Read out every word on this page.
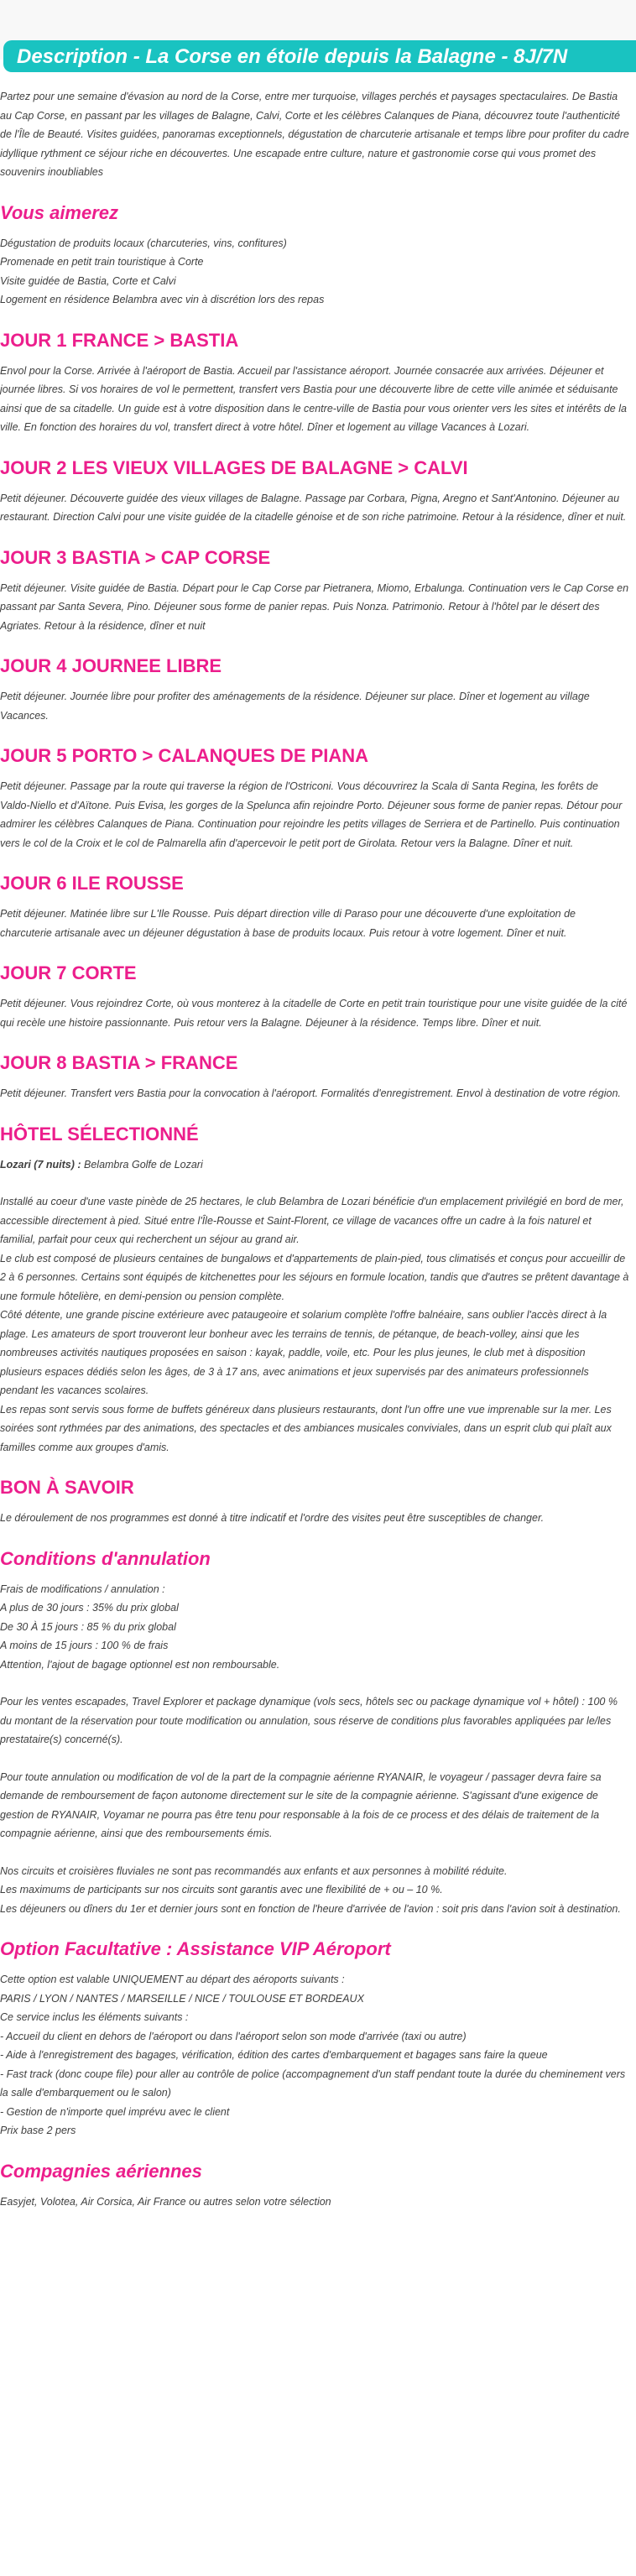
Description - La Corse en étoile depuis la Balagne - 8J/7N

Partez pour une semaine d'évasion au nord de la Corse, entre mer turquoise, villages perchés et paysages spectaculaires. De Bastia au Cap Corse, en passant par les villages de Balagne, Calvi, Corte et les célèbres Calanques de Piana, découvrez toute l'authenticité de l'Île de Beauté. Visites guidées, panoramas exceptionnels, dégustation de charcuterie artisanale et temps libre pour profiter du cadre idyllique rythment ce séjour riche en découvertes. Une escapade entre culture, nature et gastronomie corse qui vous promet des souvenirs inoubliables

Vous aimerez

Dégustation de produits locaux (charcuteries, vins, confitures)

Promenade en petit train touristique à Corte

Visite guidée de Bastia, Corte et Calvi

Logement en résidence Belambra avec vin à discrétion lors des repas

JOUR 1 FRANCE > BASTIA

Envol pour la Corse. Arrivée à l'aéroport de Bastia. Accueil par l'assistance aéroport. Journée consacrée aux arrivées. Déjeuner et journée libres. Si vos horaires de vol le permettent, transfert vers Bastia pour une découverte libre de cette ville animée et séduisante ainsi que de sa citadelle. Un guide est à votre disposition dans le centre-ville de Bastia pour vous orienter vers les sites et intérêts de la ville. En fonction des horaires du vol, transfert direct à votre hôtel. Dîner et logement au village Vacances à Lozari.

JOUR 2 LES VIEUX VILLAGES DE BALAGNE > CALVI

Petit déjeuner. Découverte guidée des vieux villages de Balagne. Passage par Corbara, Pigna, Aregno et Sant'Antonino. Déjeuner au restaurant. Direction Calvi pour une visite guidée de la citadelle génoise et de son riche patrimoine. Retour à la résidence, dîner et nuit.

JOUR 3 BASTIA > CAP CORSE

Petit déjeuner. Visite guidée de Bastia. Départ pour le Cap Corse par Pietranera, Miomo, Erbalunga. Continuation vers le Cap Corse en passant par Santa Severa, Pino. Déjeuner sous forme de panier repas. Puis Nonza. Patrimonio. Retour à l'hôtel par le désert des Agriates. Retour à la résidence, dîner et nuit

JOUR 4 JOURNEE LIBRE

Petit déjeuner. Journée libre pour profiter des aménagements de la résidence. Déjeuner sur place. Dîner et logement au village Vacances.

JOUR 5 PORTO > CALANQUES DE PIANA

Petit déjeuner. Passage par la route qui traverse la région de l'Ostriconi. Vous découvrirez la Scala di Santa Regina, les forêts de Valdo-Niello et d'Aïtone. Puis Evisa, les gorges de la Spelunca afin rejoindre Porto. Déjeuner sous forme de panier repas. Détour pour admirer les célèbres Calanques de Piana. Continuation pour rejoindre les petits villages de Serriera et de Partinello. Puis continuation vers le col de la Croix et le col de Palmarella afin d'apercevoir le petit port de Girolata. Retour vers la Balagne. Dîner et nuit.

JOUR 6 ILE ROUSSE

Petit déjeuner. Matinée libre sur L'Ile Rousse. Puis départ direction ville di Paraso pour une découverte d'une exploitation de charcuterie artisanale avec un déjeuner dégustation à base de produits locaux. Puis retour à votre logement. Dîner et nuit.

JOUR 7 CORTE

Petit déjeuner. Vous rejoindrez Corte, où vous monterez à la citadelle de Corte en petit train touristique pour une visite guidée de la cité qui recèle une histoire passionnante. Puis retour vers la Balagne. Déjeuner à la résidence. Temps libre. Dîner et nuit.

JOUR 8 BASTIA > FRANCE

Petit déjeuner. Transfert vers Bastia pour la convocation à l'aéroport. Formalités d'enregistrement. Envol à destination de votre région.

HÔTEL SÉLECTIONNÉ

Lozari (7 nuits) : Belambra Golfe de Lozari

Installé au coeur d'une vaste pinède de 25 hectares, le club Belambra de Lozari bénéficie d'un emplacement privilégié en bord de mer, accessible directement à pied. Situé entre l'Île-Rousse et Saint-Florent, ce village de vacances offre un cadre à la fois naturel et familial, parfait pour ceux qui recherchent un séjour au grand air.

Le club est composé de plusieurs centaines de bungalows et d'appartements de plain-pied, tous climatisés et conçus pour accueillir de 2 à 6 personnes. Certains sont équipés de kitchenettes pour les séjours en formule location, tandis que d'autres se prêtent davantage à une formule hôtelière, en demi-pension ou pension complète.

Côté détente, une grande piscine extérieure avec pataugeoire et solarium complète l'offre balnéaire, sans oublier l'accès direct à la plage. Les amateurs de sport trouveront leur bonheur avec les terrains de tennis, de pétanque, de beach-volley, ainsi que les nombreuses activités nautiques proposées en saison : kayak, paddle, voile, etc. Pour les plus jeunes, le club met à disposition plusieurs espaces dédiés selon les âges, de 3 à 17 ans, avec animations et jeux supervisés par des animateurs professionnels pendant les vacances scolaires.

Les repas sont servis sous forme de buffets généreux dans plusieurs restaurants, dont l'un offre une vue imprenable sur la mer. Les soirées sont rythmées par des animations, des spectacles et des ambiances musicales conviviales, dans un esprit club qui plaît aux familles comme aux groupes d'amis.

BON À SAVOIR

Le déroulement de nos programmes est donné à titre indicatif et l'ordre des visites peut être susceptibles de changer.

Conditions d'annulation

Frais de modifications / annulation :

A plus de 30 jours : 35% du prix global

De 30 À 15 jours : 85 % du prix global

A moins de 15 jours : 100 % de frais

Attention, l'ajout de bagage optionnel est non remboursable.

Pour les ventes escapades, Travel Explorer et package dynamique (vols secs, hôtels sec ou package dynamique vol + hôtel) : 100 % du montant de la réservation pour toute modification ou annulation, sous réserve de conditions plus favorables appliquées par le/les prestataire(s) concerné(s).

Pour toute annulation ou modification de vol de la part de la compagnie aérienne RYANAIR, le voyageur / passager devra faire sa demande de remboursement de façon autonome directement sur le site de la compagnie aérienne. S'agissant d'une exigence de gestion de RYANAIR, Voyamar ne pourra pas être tenu pour responsable à la fois de ce process et des délais de traitement de la compagnie aérienne, ainsi que des remboursements émis.

Nos circuits et croisières fluviales ne sont pas recommandés aux enfants et aux personnes à mobilité réduite.

Les maximums de participants sur nos circuits sont garantis avec une flexibilité de + ou – 10 %.

Les déjeuners ou dîners du 1er et dernier jours sont en fonction de l'heure d'arrivée de l'avion : soit pris dans l'avion soit à destination.

Option Facultative : Assistance VIP Aéroport

Cette option est valable UNIQUEMENT au départ des aéroports suivants :

PARIS / LYON / NANTES / MARSEILLE / NICE / TOULOUSE ET BORDEAUX

Ce service inclus les éléments suivants :

- Accueil du client en dehors de l'aéroport ou dans l'aéroport selon son mode d'arrivée (taxi ou autre)

- Aide à l'enregistrement des bagages, vérification, édition des cartes d'embarquement et bagages sans faire la queue

- Fast track (donc coupe file) pour aller au contrôle de police (accompagnement d'un staff pendant toute la durée du cheminement vers la salle d'embarquement ou le salon)

- Gestion de n'importe quel imprévu avec le client

Prix base 2 pers

Compagnies aériennes

Easyjet, Volotea, Air Corsica, Air France ou autres selon votre sélection
